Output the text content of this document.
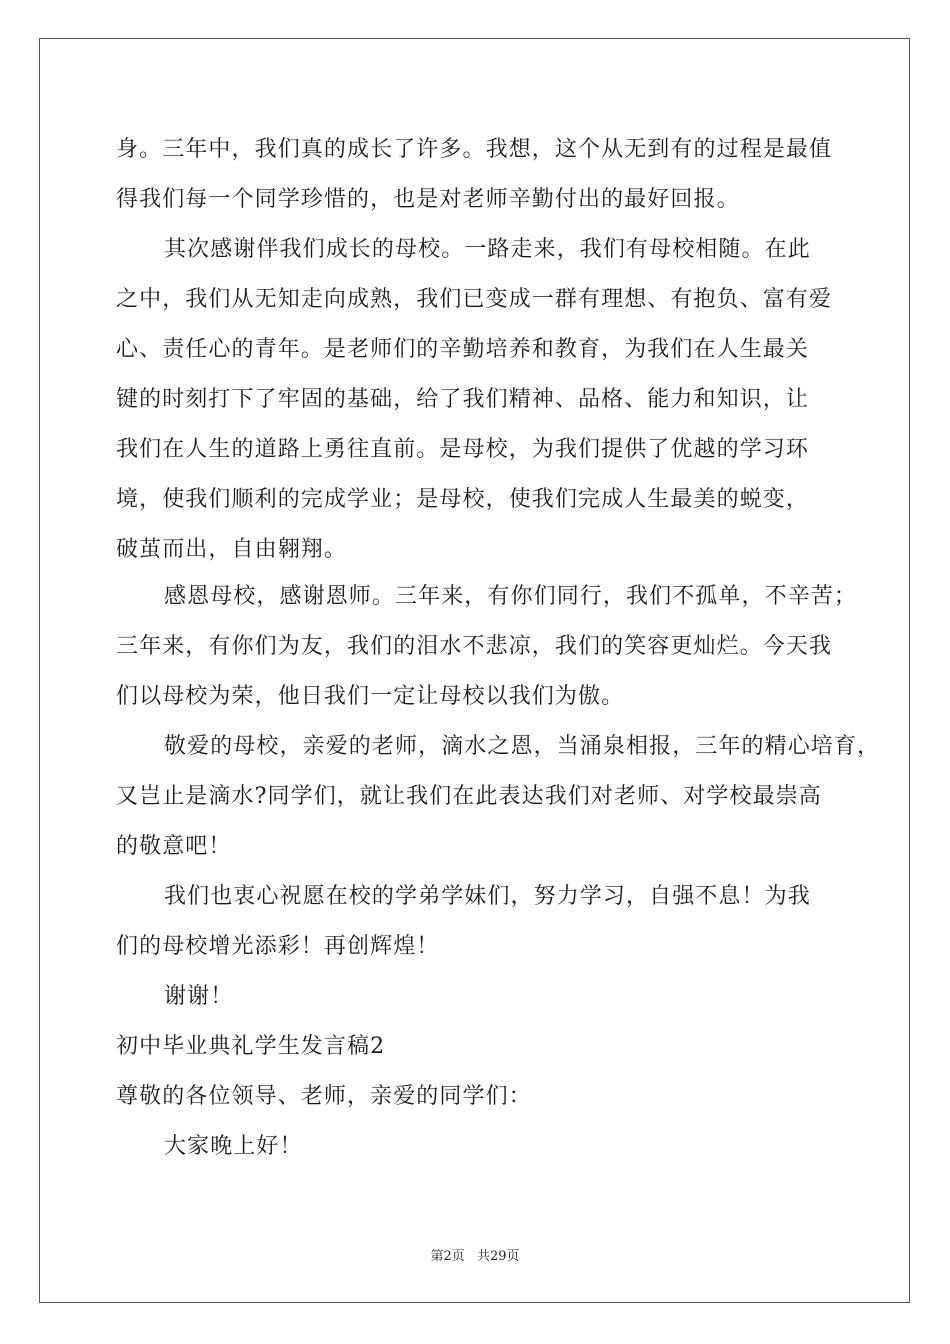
身。三年中，我们真的成长了许多。我想，这个从无到有的过程是最值
得我们每一个同学珍惜的，也是对老师辛勤付出的最好回报。
其次感谢伴我们成长的母校。一路走来，我们有母校相随。在此
之中，我们从无知走向成熟，我们已变成一群有理想、有抱负、富有爱
心、责任心的青年。是老师们的辛勤培养和教育，为我们在人生最关
键的时刻打下了牢固的基础，给了我们精神、品格、能力和知识，让
我们在人生的道路上勇往直前。是母校，为我们提供了优越的学习环
境，使我们顺利的完成学业；是母校，使我们完成人生最美的蜕变，
破茧而出，自由翱翔。
感恩母校，感谢恩师。三年来，有你们同行，我们不孤单，不辛苦；
三年来，有你们为友，我们的泪水不悲凉，我们的笑容更灿烂。今天我
们以母校为荣，他日我们一定让母校以我们为傲。
敬爱的母校，亲爱的老师，滴水之恩，当涌泉相报，三年的精心培育，
又岂止是滴水?同学们，就让我们在此表达我们对老师、对学校最崇高
的敬意吧！
我们也衷心祝愿在校的学弟学妹们，努力学习，自强不息！为我
们的母校增光添彩！再创辉煌！
谢谢！
初中毕业典礼学生发言稿2
尊敬的各位领导、老师，亲爱的同学们：
大家晚上好！
第2页 共29页
